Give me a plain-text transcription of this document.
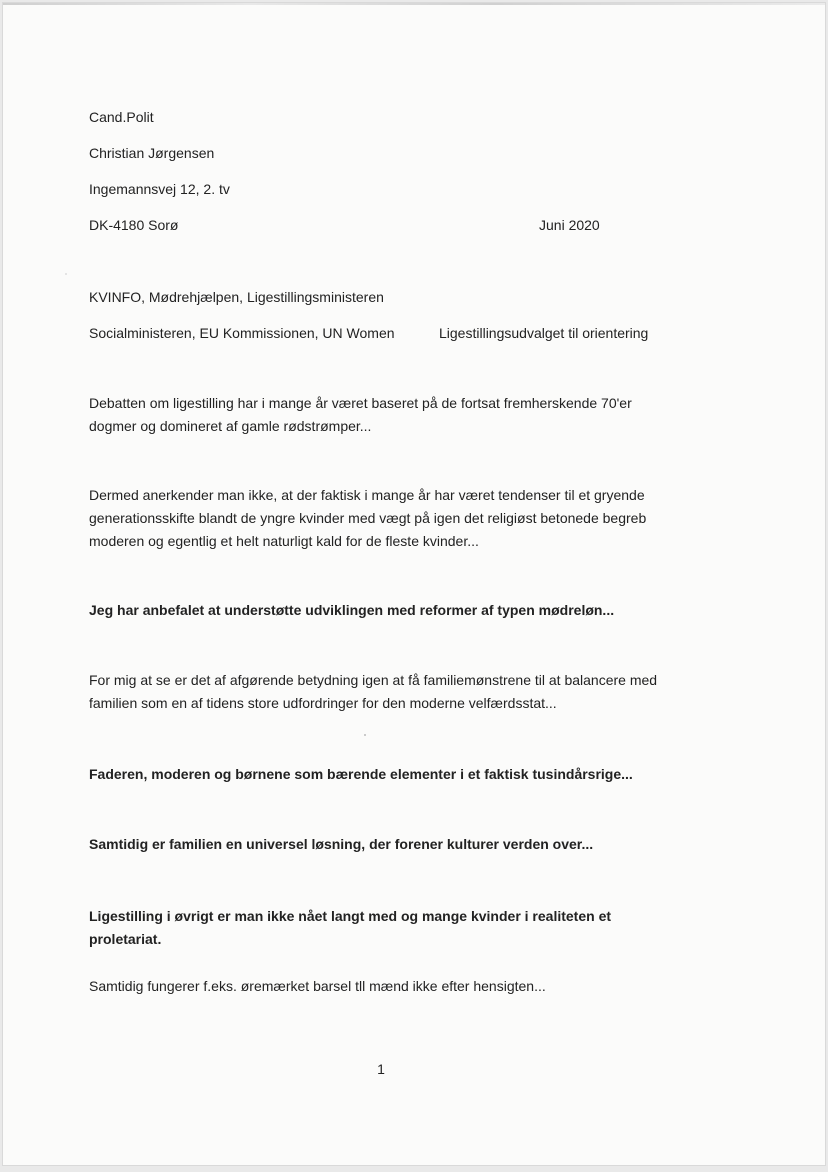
Cand.Polit
Christian Jørgensen
Ingemannsvej 12, 2. tv
DK-4180 Sorø	Juni 2020
KVINFO, Mødrehjælpen, Ligestillingsministeren
Socialministeren, EU Kommissionen, UN Women	Ligestillingsudvalget til orientering
Debatten om ligestilling har i mange år været baseret på de fortsat fremherskende 70'er dogmer og domineret af gamle rødstrømper...
Dermed anerkender man ikke, at der faktisk i mange år har været tendenser til et gryende generationsskifte blandt de yngre kvinder med vægt på igen det religiøst betonede begreb moderen og egentlig et helt naturligt kald for de fleste kvinder...
Jeg har anbefalet at understøtte udviklingen med reformer af typen mødreløn...
For mig at se er det af afgørende betydning igen at få familiemønstrene til at balancere med familien som en af tidens store udfordringer for den moderne velfærdsstat...
Faderen, moderen og børnene som bærende elementer i et faktisk tusindårsrige...
Samtidig er familien en universel løsning, der forener kulturer verden over...
Ligestilling i øvrigt er man ikke nået langt med og mange kvinder i realiteten et proletariat.
Samtidig fungerer f.eks. øremærket barsel tll mænd ikke efter hensigten...
1
